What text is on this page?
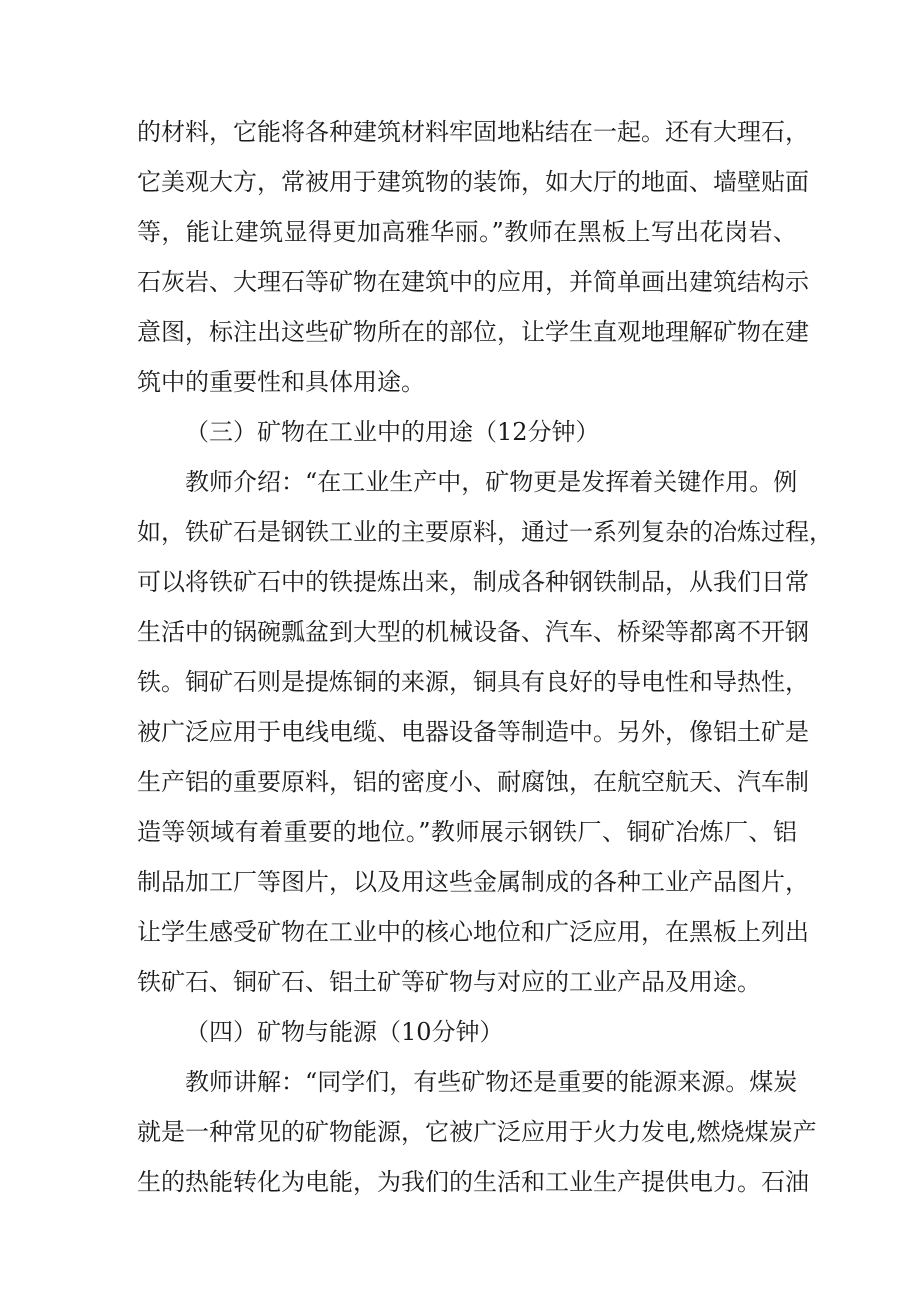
的材料，它能将各种建筑材料牢固地粘结在一起。还有大理石，
它美观大方，常被用于建筑物的装饰，如大厅的地面、墙壁贴面
等，能让建筑显得更加高雅华丽。”教师在黑板上写出花岗岩、
石灰岩、大理石等矿物在建筑中的应用，并简单画出建筑结构示
意图，标注出这些矿物所在的部位，让学生直观地理解矿物在建
筑中的重要性和具体用途。
（三）矿物在工业中的用途（12分钟）
教师介绍：“在工业生产中，矿物更是发挥着关键作用。例
如，铁矿石是钢铁工业的主要原料，通过一系列复杂的冶炼过程，
可以将铁矿石中的铁提炼出来，制成各种钢铁制品，从我们日常
生活中的锅碗瓢盆到大型的机械设备、汽车、桥梁等都离不开钢
铁。铜矿石则是提炼铜的来源，铜具有良好的导电性和导热性，
被广泛应用于电线电缆、电器设备等制造中。另外，像铝土矿是
生产铝的重要原料，铝的密度小、耐腐蚀，在航空航天、汽车制
造等领域有着重要的地位。”教师展示钢铁厂、铜矿冶炼厂、铝
制品加工厂等图片，以及用这些金属制成的各种工业产品图片，
让学生感受矿物在工业中的核心地位和广泛应用，在黑板上列出
铁矿石、铜矿石、铝土矿等矿物与对应的工业产品及用途。
（四）矿物与能源（10分钟）
教师讲解：“同学们，有些矿物还是重要的能源来源。煤炭
就是一种常见的矿物能源，它被广泛应用于火力发电,燃烧煤炭产
生的热能转化为电能，为我们的生活和工业生产提供电力。石油
